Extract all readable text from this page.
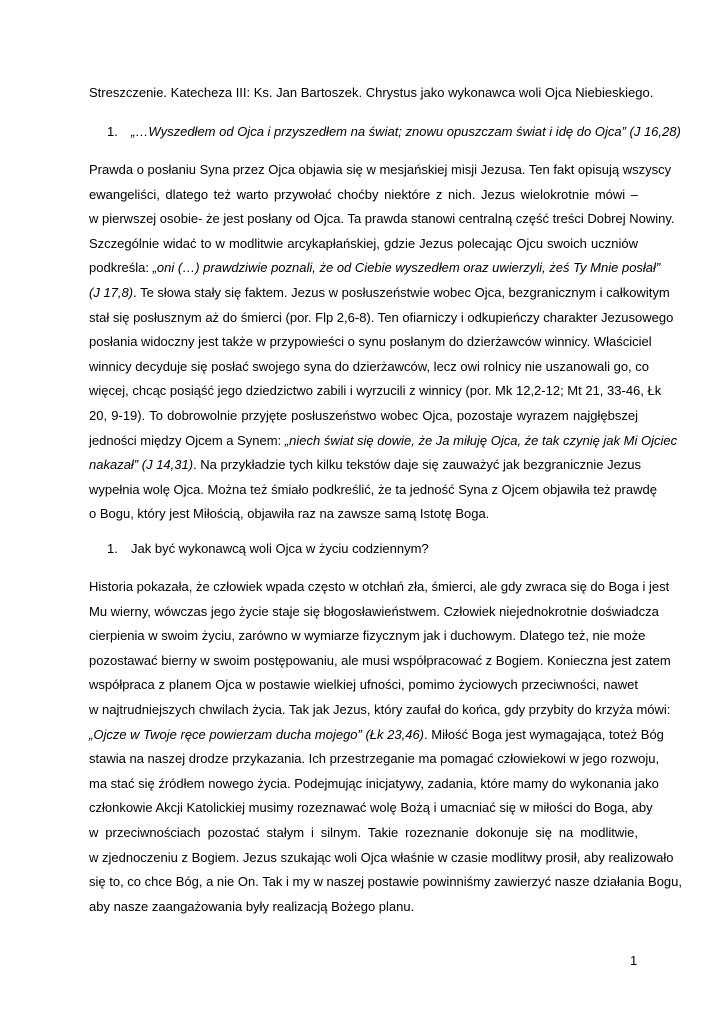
Streszczenie. Katecheza III: Ks. Jan Bartoszek. Chrystus jako wykonawca woli Ojca Niebieskiego.
1. „…Wyszedłem od Ojca i przyszedłem na świat; znowu opuszczam świat i idę do Ojca” (J 16,28)
Prawda o posłaniu Syna przez Ojca objawia się w mesjańskiej misji Jezusa. Ten fakt opisują wszyscy
ewangeliści, dlatego też warto przywołać choćby niektóre z nich. Jezus wielokrotnie mówi –
w pierwszej osobie- że jest posłany od Ojca. Ta prawda stanowi centralną część treści Dobrej Nowiny.
Szczególnie widać to w modlitwie arcykapłańskiej, gdzie Jezus polecając Ojcu swoich uczniów
podkreśla: „oni (…) prawdziwie poznali, że od Ciebie wyszedłem oraz uwierzyli, żeś Ty Mnie posłał”
(J 17,8). Te słowa stały się faktem. Jezus w posłuszeństwie wobec Ojca, bezgranicznym i całkowitym
stał się posłusznym aż do śmierci (por. Flp 2,6-8). Ten ofiarniczy i odkupieńczy charakter Jezusowego
posłania widoczny jest także w przypowieści o synu posłanym do dzierżawców winnicy. Właściciel
winnicy decyduje się posłać swojego syna do dzierżawców, lecz owi rolnicy nie uszanowali go, co
więcej, chcąc posiąść jego dziedzictwo zabili i wyrzucili z winnicy (por. Mk 12,2-12; Mt 21, 33-46, Łk
20, 9-19). To dobrowolnie przyjęte posłuszeństwo wobec Ojca, pozostaje wyrazem najgłębszej
jedności między Ojcem a Synem: „niech świat się dowie, że Ja miłuję Ojca, że tak czynię jak Mi Ojciec
nakazał” (J 14,31). Na przykładzie tych kilku tekstów daje się zauważyć jak bezgranicznie Jezus
wypełnia wolę Ojca. Można też śmiało podkreślić, że ta jedność Syna z Ojcem objawiła też prawdę
o Bogu, który jest Miłością, objawiła raz na zawsze samą Istotę Boga.
1. Jak być wykonawcą woli Ojca w życiu codziennym?
Historia pokazała, że człowiek wpada często w otchłań zła, śmierci, ale gdy zwraca się do Boga i jest
Mu wierny, wówczas jego życie staje się błogosławieństwem. Człowiek niejednokrotnie doświadcza
cierpienia w swoim życiu, zarówno w wymiarze fizycznym jak i duchowym. Dlatego też, nie może
pozostawać bierny w swoim postępowaniu, ale musi współpracować z Bogiem. Konieczna jest zatem
współpraca z planem Ojca w postawie wielkiej ufności, pomimo życiowych przeciwności, nawet
w najtrudniejszych chwilach życia. Tak jak Jezus, który zaufał do końca, gdy przybity do krzyża mówi:
„Ojcze w Twoje ręce powierzam ducha mojego” (Łk 23,46). Miłość Boga jest wymagająca, toteż Bóg
stawia na naszej drodze przykazania. Ich przestrzeganie ma pomagać człowiekowi w jego rozwoju,
ma stać się źródłem nowego życia. Podejmując inicjatywy, zadania, które mamy do wykonania jako
członkowie Akcji Katolickiej musimy rozeznawać wolę Bożą i umacniać się w miłości do Boga, aby
w przeciwnościach pozostać stałym i silnym. Takie rozeznanie dokonuje się na modlitwie,
w zjednoczeniu z Bogiem. Jezus szukając woli Ojca właśnie w czasie modlitwy prosił, aby realizowało
się to, co chce Bóg, a nie On. Tak i my w naszej postawie powinniśmy zawierzyć nasze działania Bogu,
aby nasze zaangażowania były realizacją Bożego planu.
1
